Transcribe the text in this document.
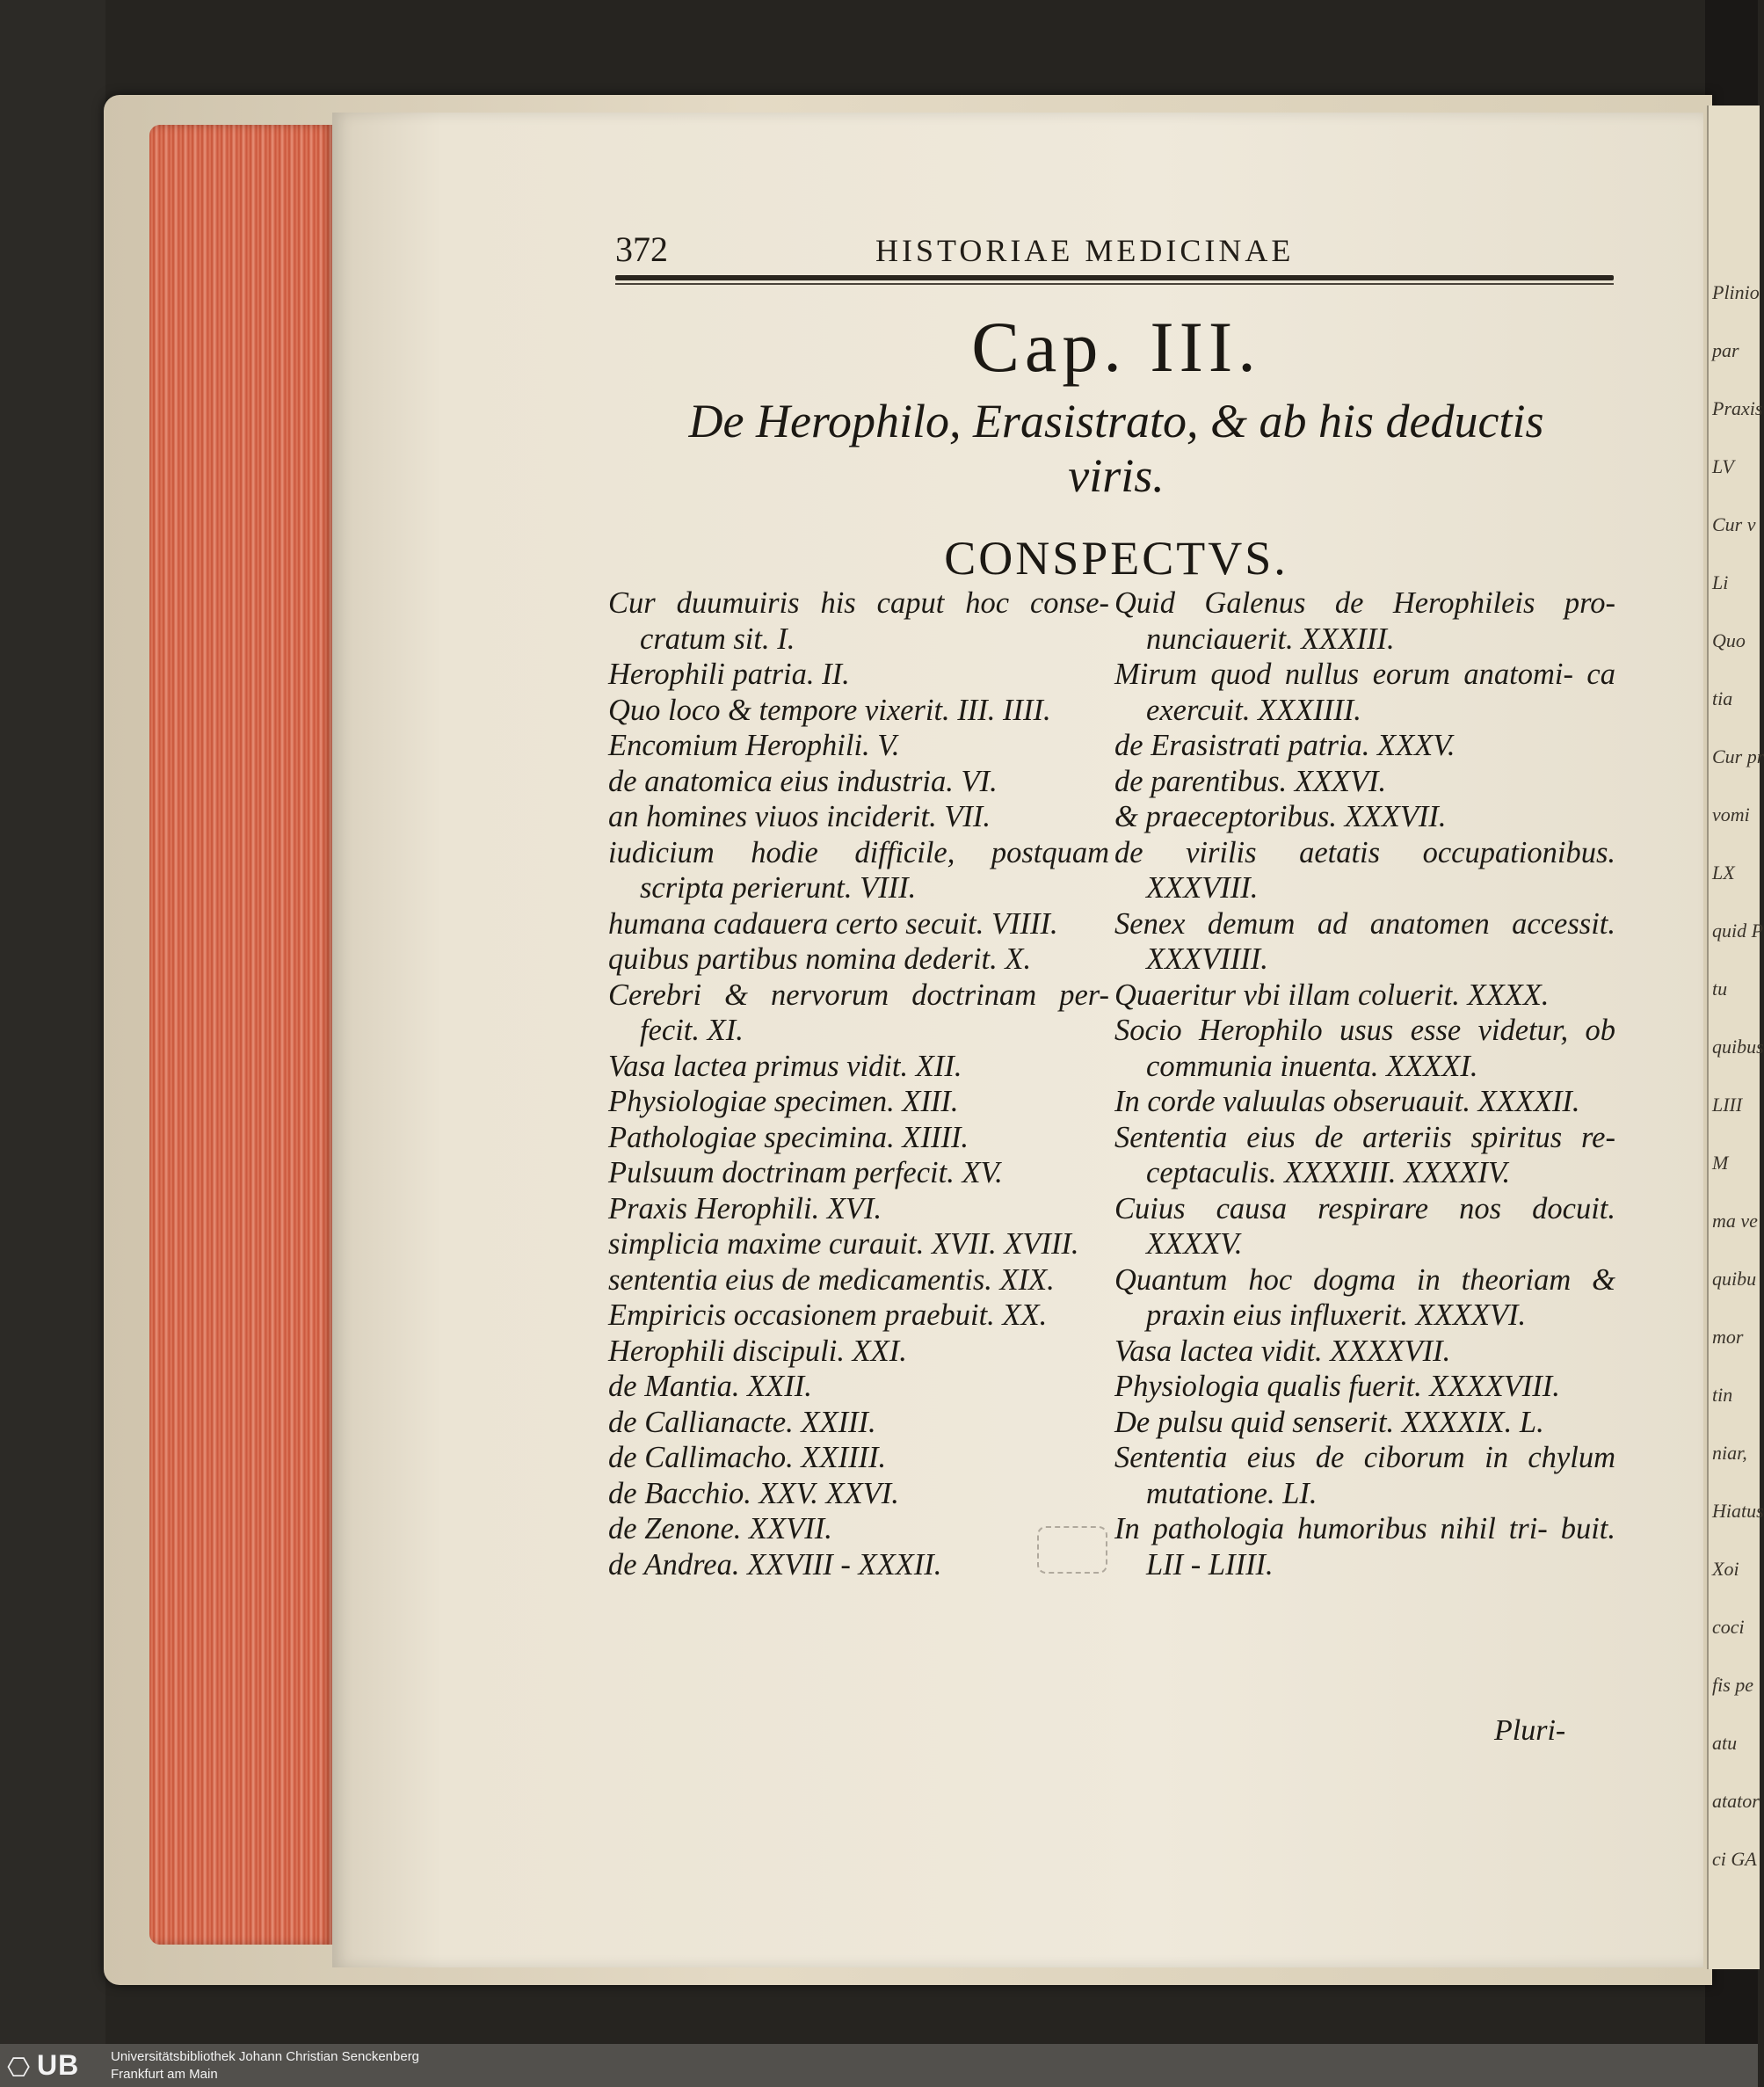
Plinio
par
Praxis
LV
Cur v
Li
Quo
tia
Cur pr
vomi
LX
quid P
tu
quibus
LIII
M
ma ve
quibu
mor
tin
niar,
Hiatus
Xoi
coci
fis pe
atu
atator
ci GA
372	HISTORIAE MEDICINAE
Cap. III.
De Herophilo, Erasistrato, & ab his deductis
viris.
CONSPECTVS.
Cur duumuiris his caput hoc conse- cratum sit. I.
Herophili patria. II.
Quo loco & tempore vixerit. III. IIII.
Encomium Herophili. V.
de anatomica eius industria. VI.
an homines viuos inciderit. VII.
iudicium hodie difficile, postquam scripta perierunt. VIII.
humana cadauera certo secuit. VIIII.
quibus partibus nomina dederit. X.
Cerebri & nervorum doctrinam per- fecit. XI.
Vasa lactea primus vidit. XII.
Physiologiae specimen. XIII.
Pathologiae specimina. XIIII.
Pulsuum doctrinam perfecit. XV.
Praxis Herophili. XVI.
simplicia maxime curauit. XVII. XVIII.
sententia eius de medicamentis. XIX.
Empiricis occasionem praebuit. XX.
Herophili discipuli. XXI.
de Mantia. XXII.
de Callianacte. XXIII.
de Callimacho. XXIIII.
de Bacchio. XXV. XXVI.
de Zenone. XXVII.
de Andrea. XXVIII - XXXII.
Quid Galenus de Herophileis pro- nunciauerit. XXXIII.
Mirum quod nullus eorum anatomi- ca exercuit. XXXIIII.
de Erasistrati patria. XXXV.
de parentibus. XXXVI.
& praeceptoribus. XXXVII.
de virilis aetatis occupationibus. XXXVIII.
Senex demum ad anatomen accessit. XXXVIIII.
Quaeritur vbi illam coluerit. XXXX.
Socio Herophilo usus esse videtur, ob communia inuenta. XXXXI.
In corde valuulas obseruauit. XXXXII.
Sententia eius de arteriis spiritus re- ceptaculis. XXXXIII. XXXXIV.
Cuius causa respirare nos docuit. XXXXV.
Quantum hoc dogma in theoriam & praxin eius influxerit. XXXXVI.
Vasa lactea vidit. XXXXVII.
Physiologia qualis fuerit. XXXXVIII.
De pulsu quid senserit. XXXXIX. L.
Sententia eius de ciborum in chylum mutatione. LI.
In pathologia humoribus nihil tri- buit. LII - LIIII.
Pluri-
⎔ UB Universitätsbibliothek Johann Christian Senckenberg
Frankfurt am Main
